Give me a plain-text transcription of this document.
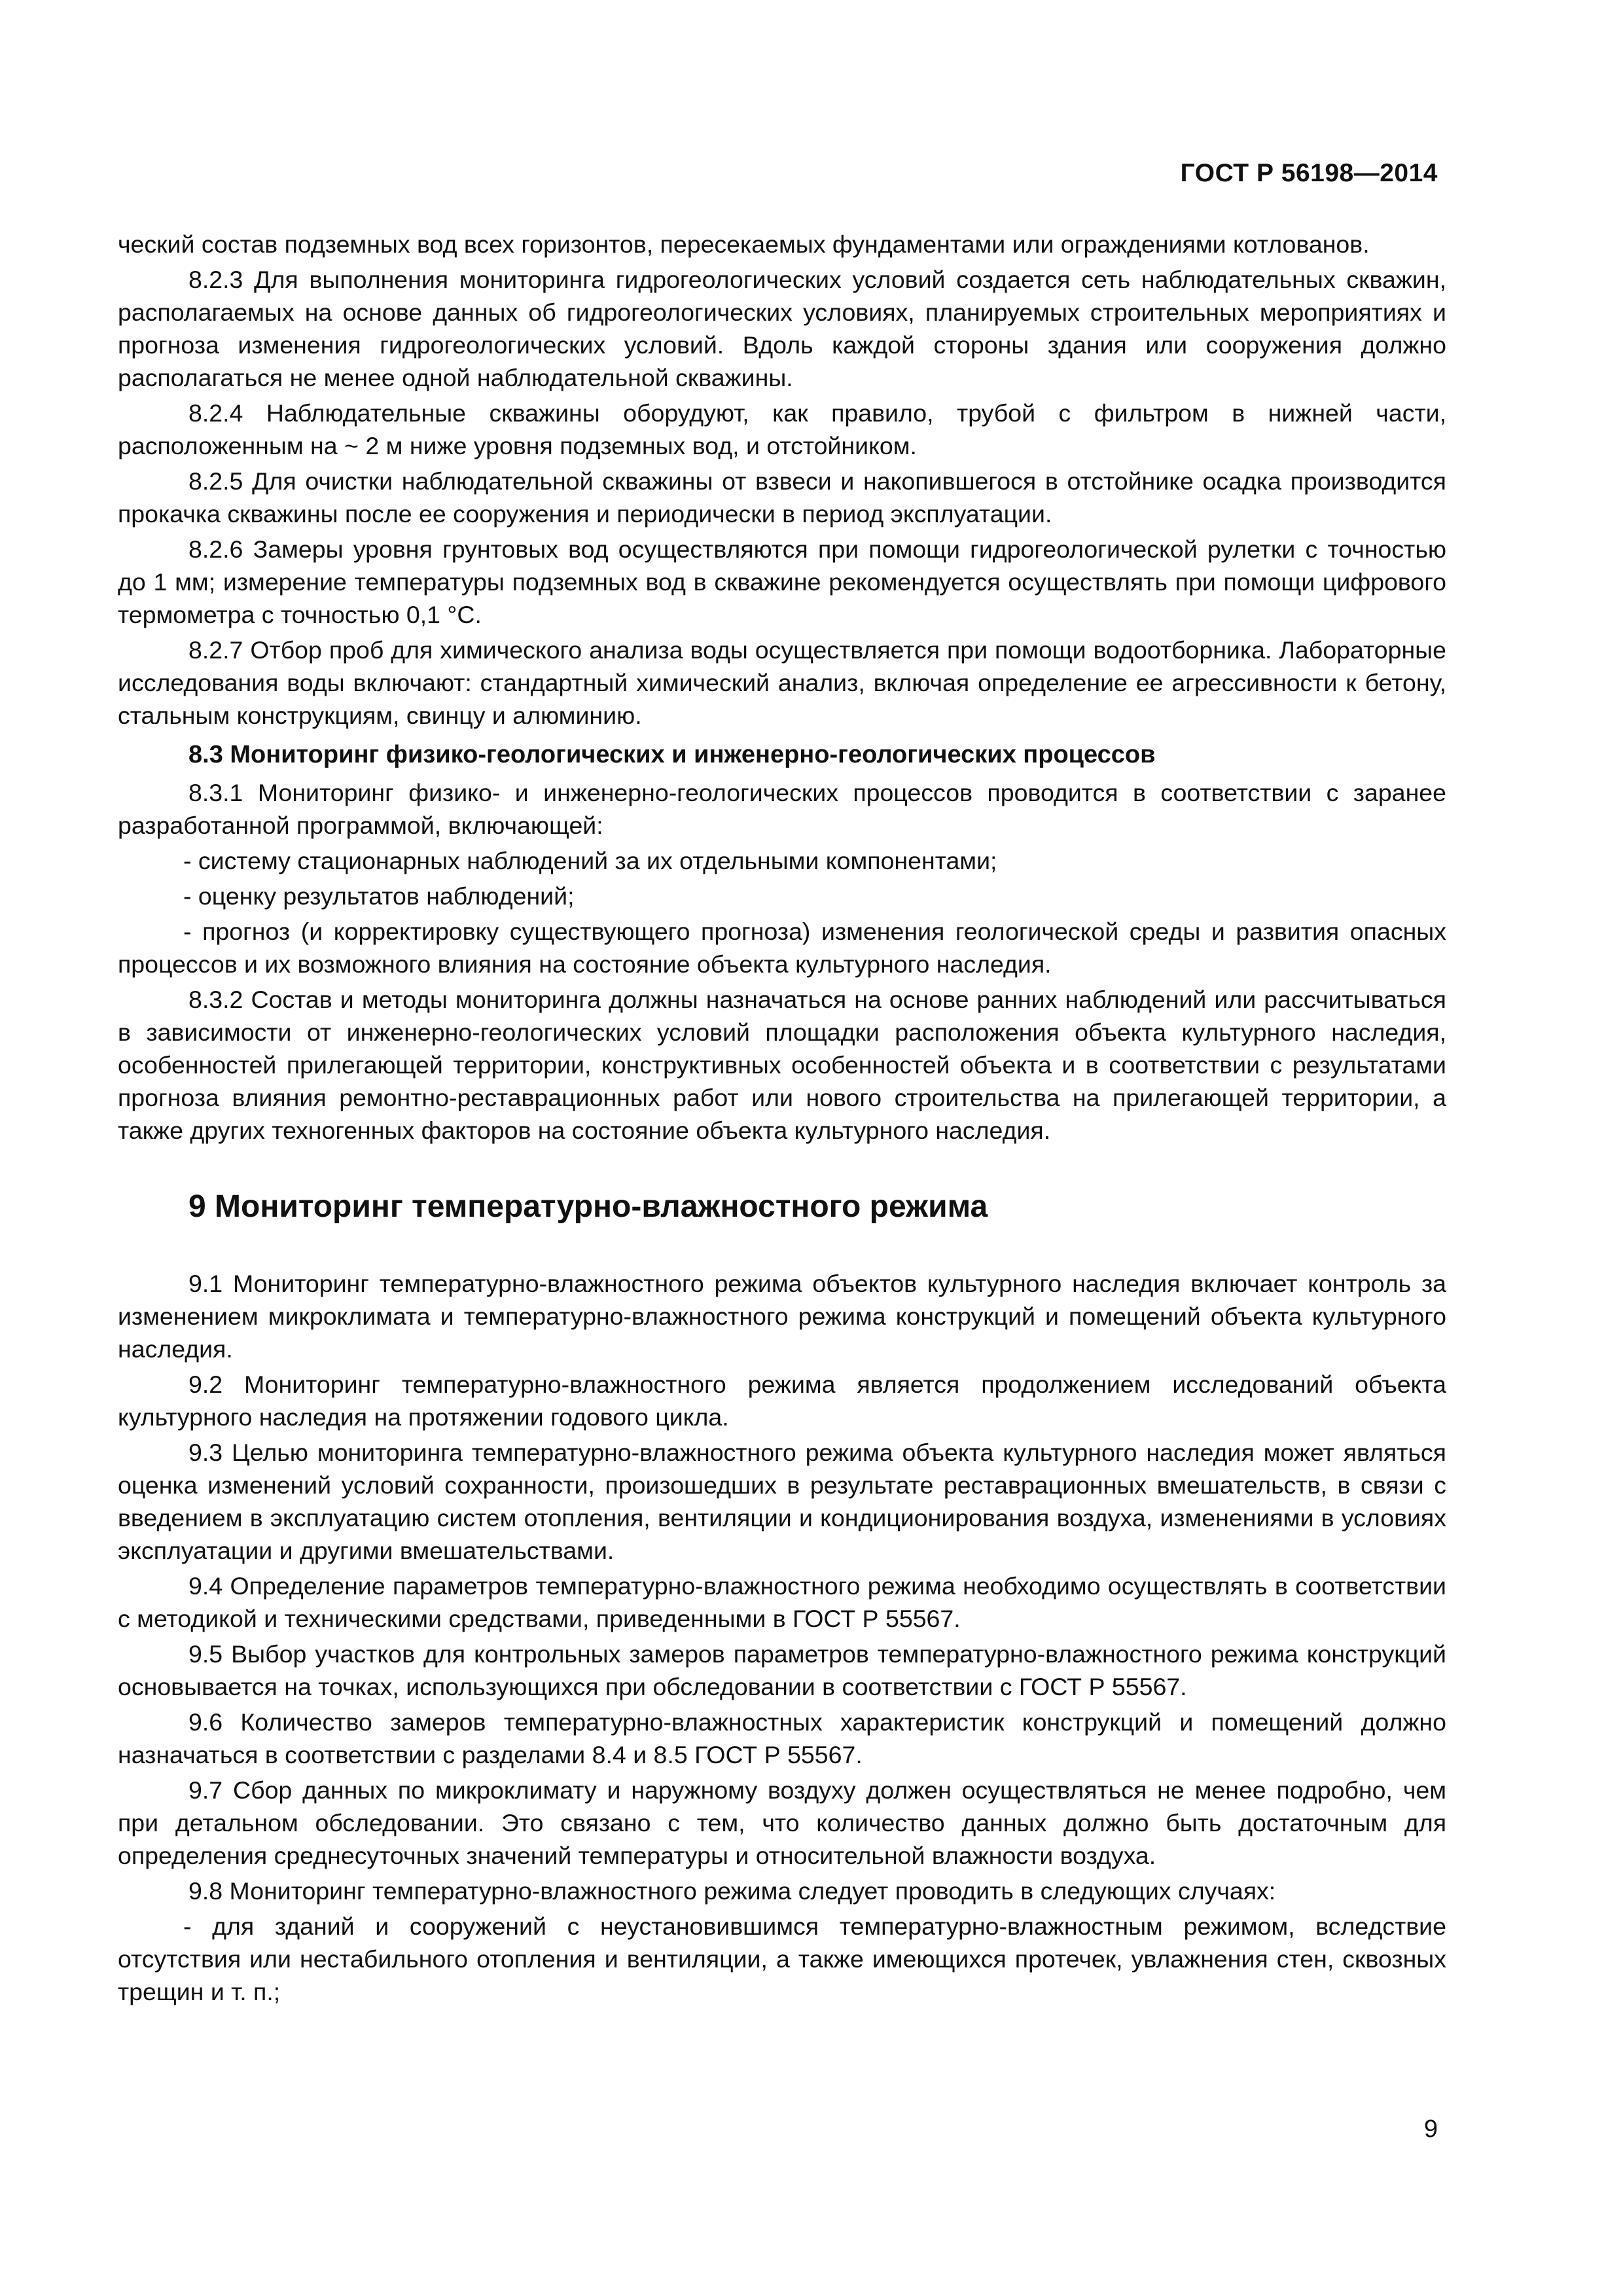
ГОСТ Р 56198—2014

ческий состав подземных вод всех горизонтов, пересекаемых фундаментами или ограждениями котлованов.

8.2.3 Для выполнения мониторинга гидрогеологических условий создается сеть наблюдательных скважин, располагаемых на основе данных об гидрогеологических условиях, планируемых строительных мероприятиях и прогноза изменения гидрогеологических условий. Вдоль каждой стороны здания или сооружения должно располагаться не менее одной наблюдательной скважины.

8.2.4 Наблюдательные скважины оборудуют, как правило, трубой с фильтром в нижней части, расположенным на ~ 2 м ниже уровня подземных вод, и отстойником.

8.2.5 Для очистки наблюдательной скважины от взвеси и накопившегося в отстойнике осадка производится прокачка скважины после ее сооружения и периодически в период эксплуатации.

8.2.6 Замеры уровня грунтовых вод осуществляются при помощи гидрогеологической рулетки с точностью до 1 мм; измерение температуры подземных вод в скважине рекомендуется осуществлять при помощи цифрового термометра с точностью 0,1 °С.

8.2.7 Отбор проб для химического анализа воды осуществляется при помощи водоотборника. Лабораторные исследования воды включают: стандартный химический анализ, включая определение ее агрессивности к бетону, стальным конструкциям, свинцу и алюминию.

8.3 Мониторинг физико-геологических и инженерно-геологических процессов

8.3.1 Мониторинг физико- и инженерно-геологических процессов проводится в соответствии с заранее разработанной программой, включающей:

- систему стационарных наблюдений за их отдельными компонентами;

- оценку результатов наблюдений;

- прогноз (и корректировку существующего прогноза) изменения геологической среды и развития опасных процессов и их возможного влияния на состояние объекта культурного наследия.

8.3.2 Состав и методы мониторинга должны назначаться на основе ранних наблюдений или рассчитываться в зависимости от инженерно-геологических условий площадки расположения объекта культурного наследия, особенностей прилегающей территории, конструктивных особенностей объекта и в соответствии с результатами прогноза влияния ремонтно-реставрационных работ или нового строительства на прилегающей территории, а также других техногенных факторов на состояние объекта культурного наследия.

9 Мониторинг температурно-влажностного режима

9.1 Мониторинг температурно-влажностного режима объектов культурного наследия включает контроль за изменением микроклимата и температурно-влажностного режима конструкций и помещений объекта культурного наследия.

9.2 Мониторинг температурно-влажностного режима является продолжением исследований объекта культурного наследия на протяжении годового цикла.

9.3 Целью мониторинга температурно-влажностного режима объекта культурного наследия может являться оценка изменений условий сохранности, произошедших в результате реставрационных вмешательств, в связи с введением в эксплуатацию систем отопления, вентиляции и кондиционирования воздуха, изменениями в условиях эксплуатации и другими вмешательствами.

9.4 Определение параметров температурно-влажностного режима необходимо осуществлять в соответствии с методикой и техническими средствами, приведенными в ГОСТ Р 55567.

9.5 Выбор участков для контрольных замеров параметров температурно-влажностного режима конструкций основывается на точках, использующихся при обследовании в соответствии с ГОСТ Р 55567.

9.6 Количество замеров температурно-влажностных характеристик конструкций и помещений должно назначаться в соответствии с разделами 8.4 и 8.5 ГОСТ Р 55567.

9.7 Сбор данных по микроклимату и наружному воздуху должен осуществляться не менее подробно, чем при детальном обследовании. Это связано с тем, что количество данных должно быть достаточным для определения среднесуточных значений температуры и относительной влажности воздуха.

9.8 Мониторинг температурно-влажностного режима следует проводить в следующих случаях:

- для зданий и сооружений с неустановившимся температурно-влажностным режимом, вследствие отсутствия или нестабильного отопления и вентиляции, а также имеющихся протечек, увлажнения стен, сквозных трещин и т. п.;

9
